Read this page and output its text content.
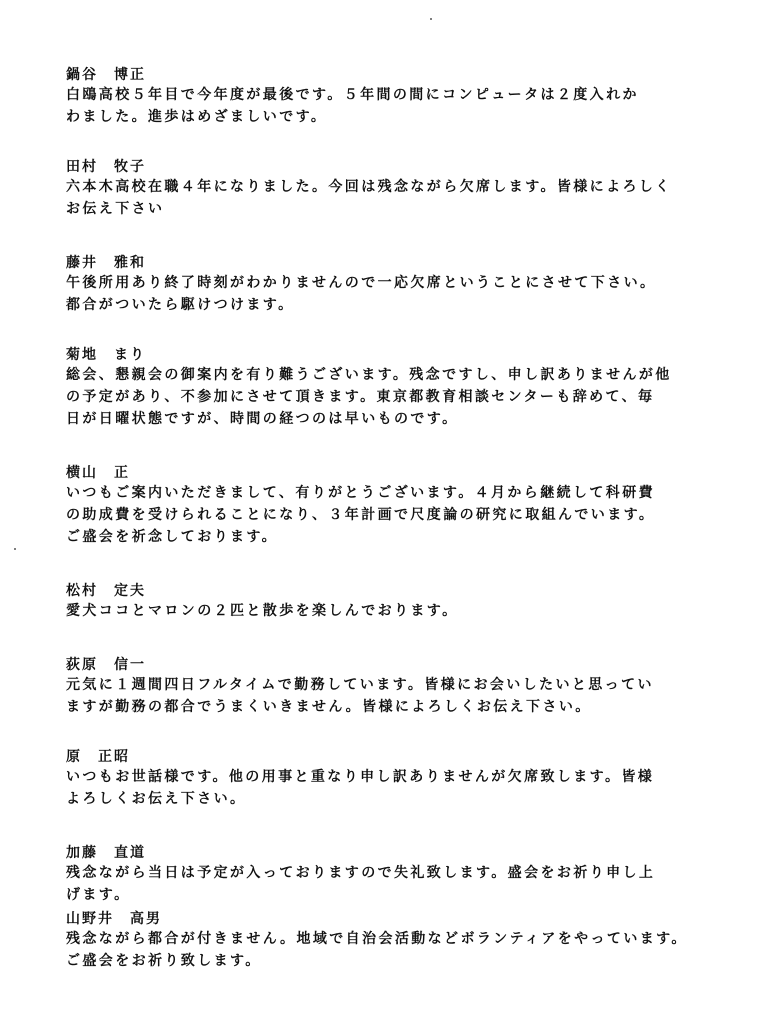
鍋谷　博正
白鴎高校５年目で今年度が最後です。５年間の間にコンピュータは２度入れか
わました。進歩はめざましいです。
田村　牧子
六本木高校在職４年になりました。今回は残念ながら欠席します。皆様によろしく
お伝え下さい
藤井　雅和
午後所用あり終了時刻がわかりませんので一応欠席ということにさせて下さい。
都合がついたら駆けつけます。
菊地　まり
総会、懇親会の御案内を有り難うございます。残念ですし、申し訳ありませんが他
の予定があり、不参加にさせて頂きます。東京都教育相談センターも辞めて、毎
日が日曜状態ですが、時間の経つのは早いものです。
横山　正
いつもご案内いただきまして、有りがとうございます。４月から継続して科研費
の助成費を受けられることになり、３年計画で尺度論の研究に取組んでいます。
ご盛会を祈念しております。
松村　定夫
愛犬ココとマロンの２匹と散歩を楽しんでおります。
荻原　信一
元気に１週間四日フルタイムで勤務しています。皆様にお会いしたいと思ってい
ますが勤務の都合でうまくいきません。皆様によろしくお伝え下さい。
原　正昭
いつもお世話様です。他の用事と重なり申し訳ありませんが欠席致します。皆様
よろしくお伝え下さい。
加藤　直道
残念ながら当日は予定が入っておりますので失礼致します。盛会をお祈り申し上
げます。
山野井　高男
残念ながら都合が付きません。地域で自治会活動などボランティアをやっています。
ご盛会をお祈り致します。
